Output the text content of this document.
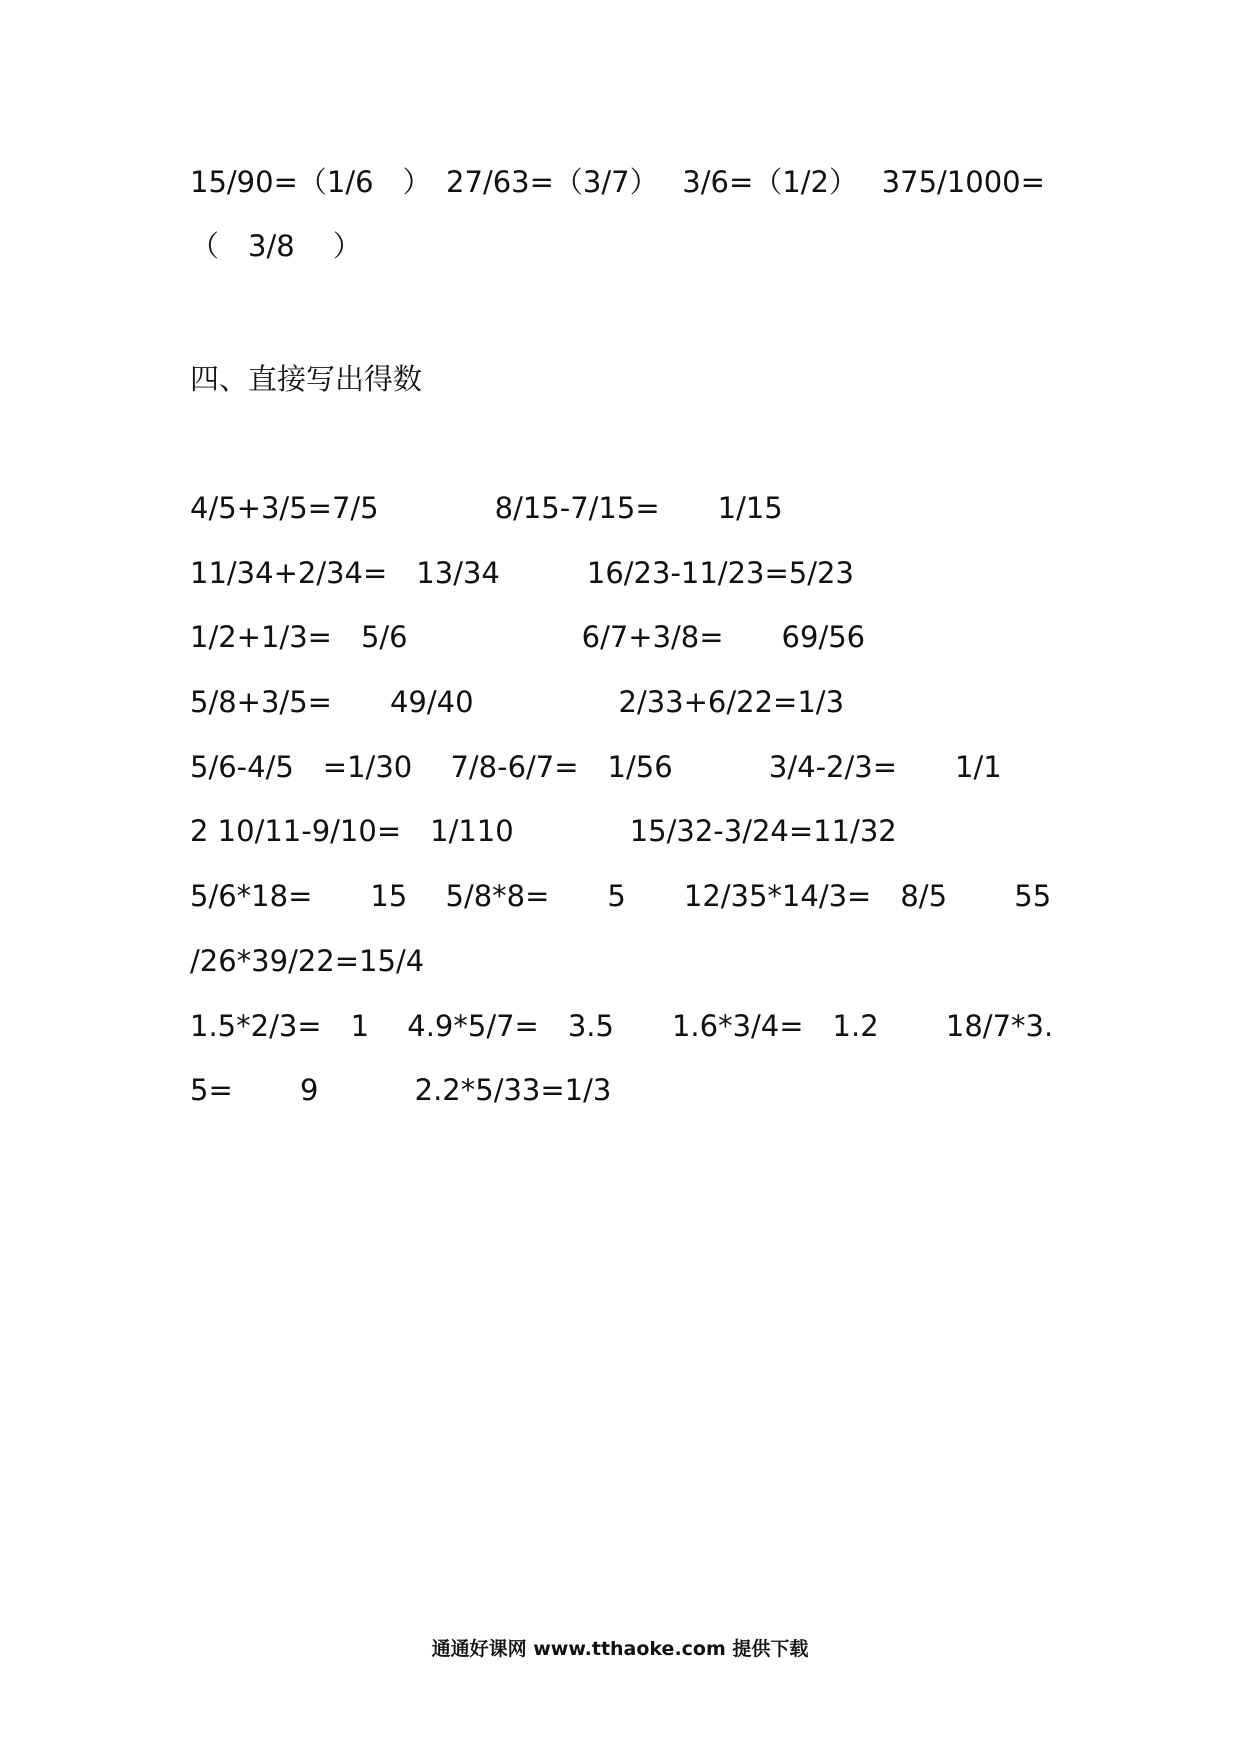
15/90=（1/6　）　27/63=（3/7）　 3/6=（1/2）　 375/1000=
（　3/8　 ）
四、直接写出得数
4/5+3/5=7/5　　　　8/15-7/15=　　1/15
11/34+2/34=　13/34　　　16/23-11/23=5/23
1/2+1/3=　5/6　　　　　　6/7+3/8=　　69/56
5/8+3/5=　　49/40　　　　　2/33+6/22=1/3
5/6-4/5　=1/30　 7/8-6/7=　1/56　　　 3/4-2/3=　　1/1
2 10/11-9/10=　1/110　　　　15/32-3/24=11/32
5/6*18=　　15　 5/8*8=　　5　　12/35*14/3=　8/5　　 55
/26*39/22=15/4
1.5*2/3=　1　 4.9*5/7=　3.5　　1.6*3/4=　1.2　　 18/7*3.
5=　　 9　　　 2.2*5/33=1/3
通通好课网 www.tthaoke.com 提供下载
